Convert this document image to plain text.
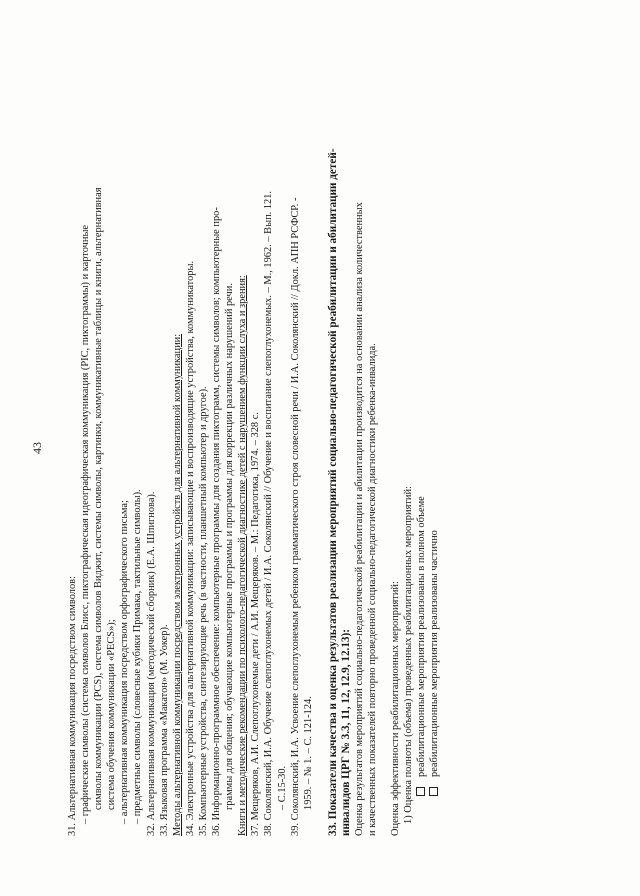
43
31. Альтернативная коммуникация посредством символов: – графические символы (система символов Блисс, пиктографическая идеографическая коммуникация (PIC, пиктограммы) и карточные символы коммуникации (PCS), система символов Виджит, системы символы, картинки, коммуникативные таблицы и книги, альтернативная система обучения коммуникации «PECS»); – альтернативная коммуникация посредством орфографического письма; – предметные символы (словесные кубики Примака, тактильные символы). 32. Альтернативная коммуникация (методический сборник) (Е.А. Шпигнова). 33. Языковая программа «Макатон» (М. Уокер). Методы альтернативной коммуникации посредством электронных устройств для альтернативной коммуникации: 34. Электронные устройства для альтернативной коммуникации: записывающие и воспроизводящие устройства, коммуникаторы. 35. Компьютерные устройства, синтезирующие речь (в частности, планшетный компьютер и другое). 36. Информационно-программное обеспечение: компьютерные программы для создания пиктограмм, системы символов; компьютерные про- граммы для общения; обучающие компьютерные программы и программы для коррекции различных нарушений речи. Книги и методические рекомендации по психолого-педагогической диагностике детей с нарушением функции слуха и зрения: 37. Мещеряков, А.И. Слепоглухонемые дети / А.И. Мещеряков. – М.: Педагогика, 1974. – 328 с. 38. Соколянский, И.А. Обучение слепоглухонемых детей / И.А. Соколянский // Обучение и воспитание слепоглухонемых. – М., 1962. – Вып. 121. – С.15-30. 39. Соколянский, И.А. Усвоение слепоглухонемым ребенком грамматического строя словесной речи / И.А. Соколянский // Докл. АПН РСФСР. - 1959. – № 1. – С. 121-124. 33. Показатели качества и оценка результатов реализации мероприятий социально-педагогической реабилитации и абилитации детей- инвалидов ЦРГ № 3.3, 11, 12, 12.9, 12.13): Оценка результатов мероприятий социально-педагогической реабилитации и абилитации производится на основании анализа количественных и качественных показателей повторно проведенной социально-педагогической диагностики ребенка-инвалида. Оценка эффективности реабилитационных мероприятий: 1) Оценка полноты (объема) проведенных реабилитационных мероприятий: реабилитационные мероприятия реализованы в полном объеме реабилитационные мероприятия реализованы частично
